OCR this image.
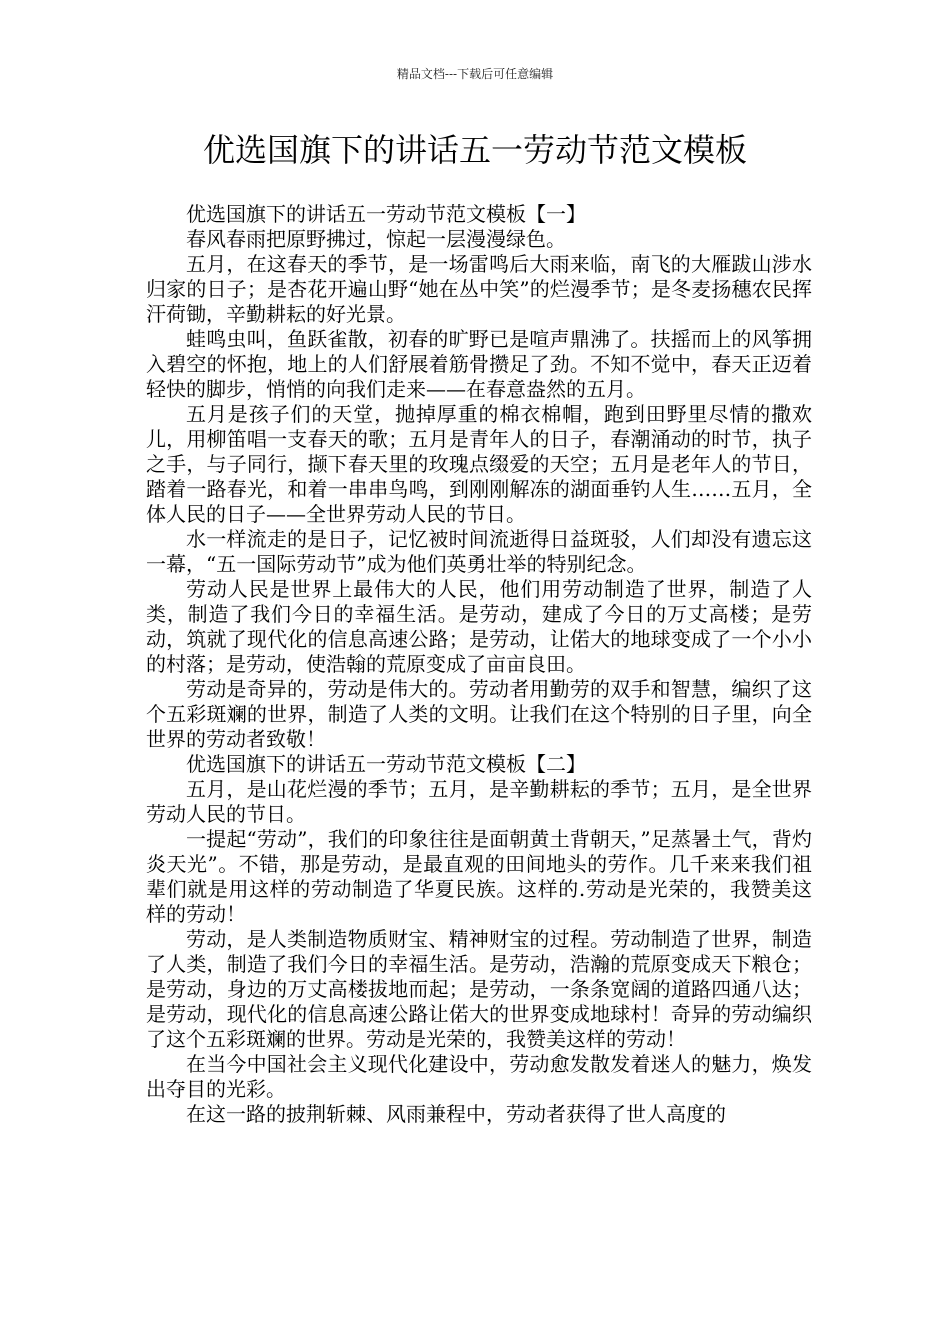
精品文档---下载后可任意编辑
优选国旗下的讲话五一劳动节范文模板

优选国旗下的讲话五一劳动节范文模板【一】

春风春雨把原野拂过，惊起一层漫漫绿色。

五月，在这春天的季节，是一场雷鸣后大雨来临，南飞的大雁跋山涉水归家的日子；是杏花开遍山野“她在丛中笑”的烂漫季节；是冬麦扬穗农民挥汗荷锄，辛勤耕耘的好光景。

蛙鸣虫叫，鱼跃雀散，初春的旷野已是喧声鼎沸了。扶摇而上的风筝拥入碧空的怀抱，地上的人们舒展着筋骨攒足了劲。不知不觉中，春天正迈着轻快的脚步，悄悄的向我们走来——在春意盎然的五月。

五月是孩子们的天堂，抛掉厚重的棉衣棉帽，跑到田野里尽情的撒欢儿，用柳笛唱一支春天的歌；五月是青年人的日子，春潮涌动的时节，执子之手，与子同行，撷下春天里的玫瑰点缀爱的天空；五月是老年人的节日，踏着一路春光，和着一串串鸟鸣，到刚刚解冻的湖面垂钓人生……五月，全体人民的日子——全世界劳动人民的节日。

水一样流走的是日子，记忆被时间流逝得日益斑驳，人们却没有遗忘这一幕，“五一国际劳动节”成为他们英勇壮举的特别纪念。

劳动人民是世界上最伟大的人民，他们用劳动制造了世界，制造了人类，制造了我们今日的幸福生活。是劳动，建成了今日的万丈高楼；是劳动，筑就了现代化的信息高速公路；是劳动，让偌大的地球变成了一个小小的村落；是劳动，使浩翰的荒原变成了亩亩良田。

劳动是奇异的，劳动是伟大的。劳动者用勤劳的双手和智慧，编织了这个五彩斑斓的世界，制造了人类的文明。让我们在这个特别的日子里，向全世界的劳动者致敬！

优选国旗下的讲话五一劳动节范文模板【二】

五月，是山花烂漫的季节；五月，是辛勤耕耘的季节；五月，是全世界劳动人民的节日。

一提起“劳动”，我们的印象往往是面朝黄土背朝天，”足蒸暑土气，背灼炎天光”。不错，那是劳动，是最直观的田间地头的劳作。几千来来我们祖辈们就是用这样的劳动制造了华夏民族。这样的.劳动是光荣的，我赞美这样的劳动！

劳动，是人类制造物质财宝、精神财宝的过程。劳动制造了世界，制造了人类，制造了我们今日的幸福生活。是劳动，浩瀚的荒原变成天下粮仓；是劳动，身边的万丈高楼拔地而起；是劳动，一条条宽阔的道路四通八达；是劳动，现代化的信息高速公路让偌大的世界变成地球村！奇异的劳动编织了这个五彩斑斓的世界。劳动是光荣的，我赞美这样的劳动！

在当今中国社会主义现代化建设中，劳动愈发散发着迷人的魅力，焕发出夺目的光彩。

在这一路的披荆斩棘、风雨兼程中，劳动者获得了世人高度的
